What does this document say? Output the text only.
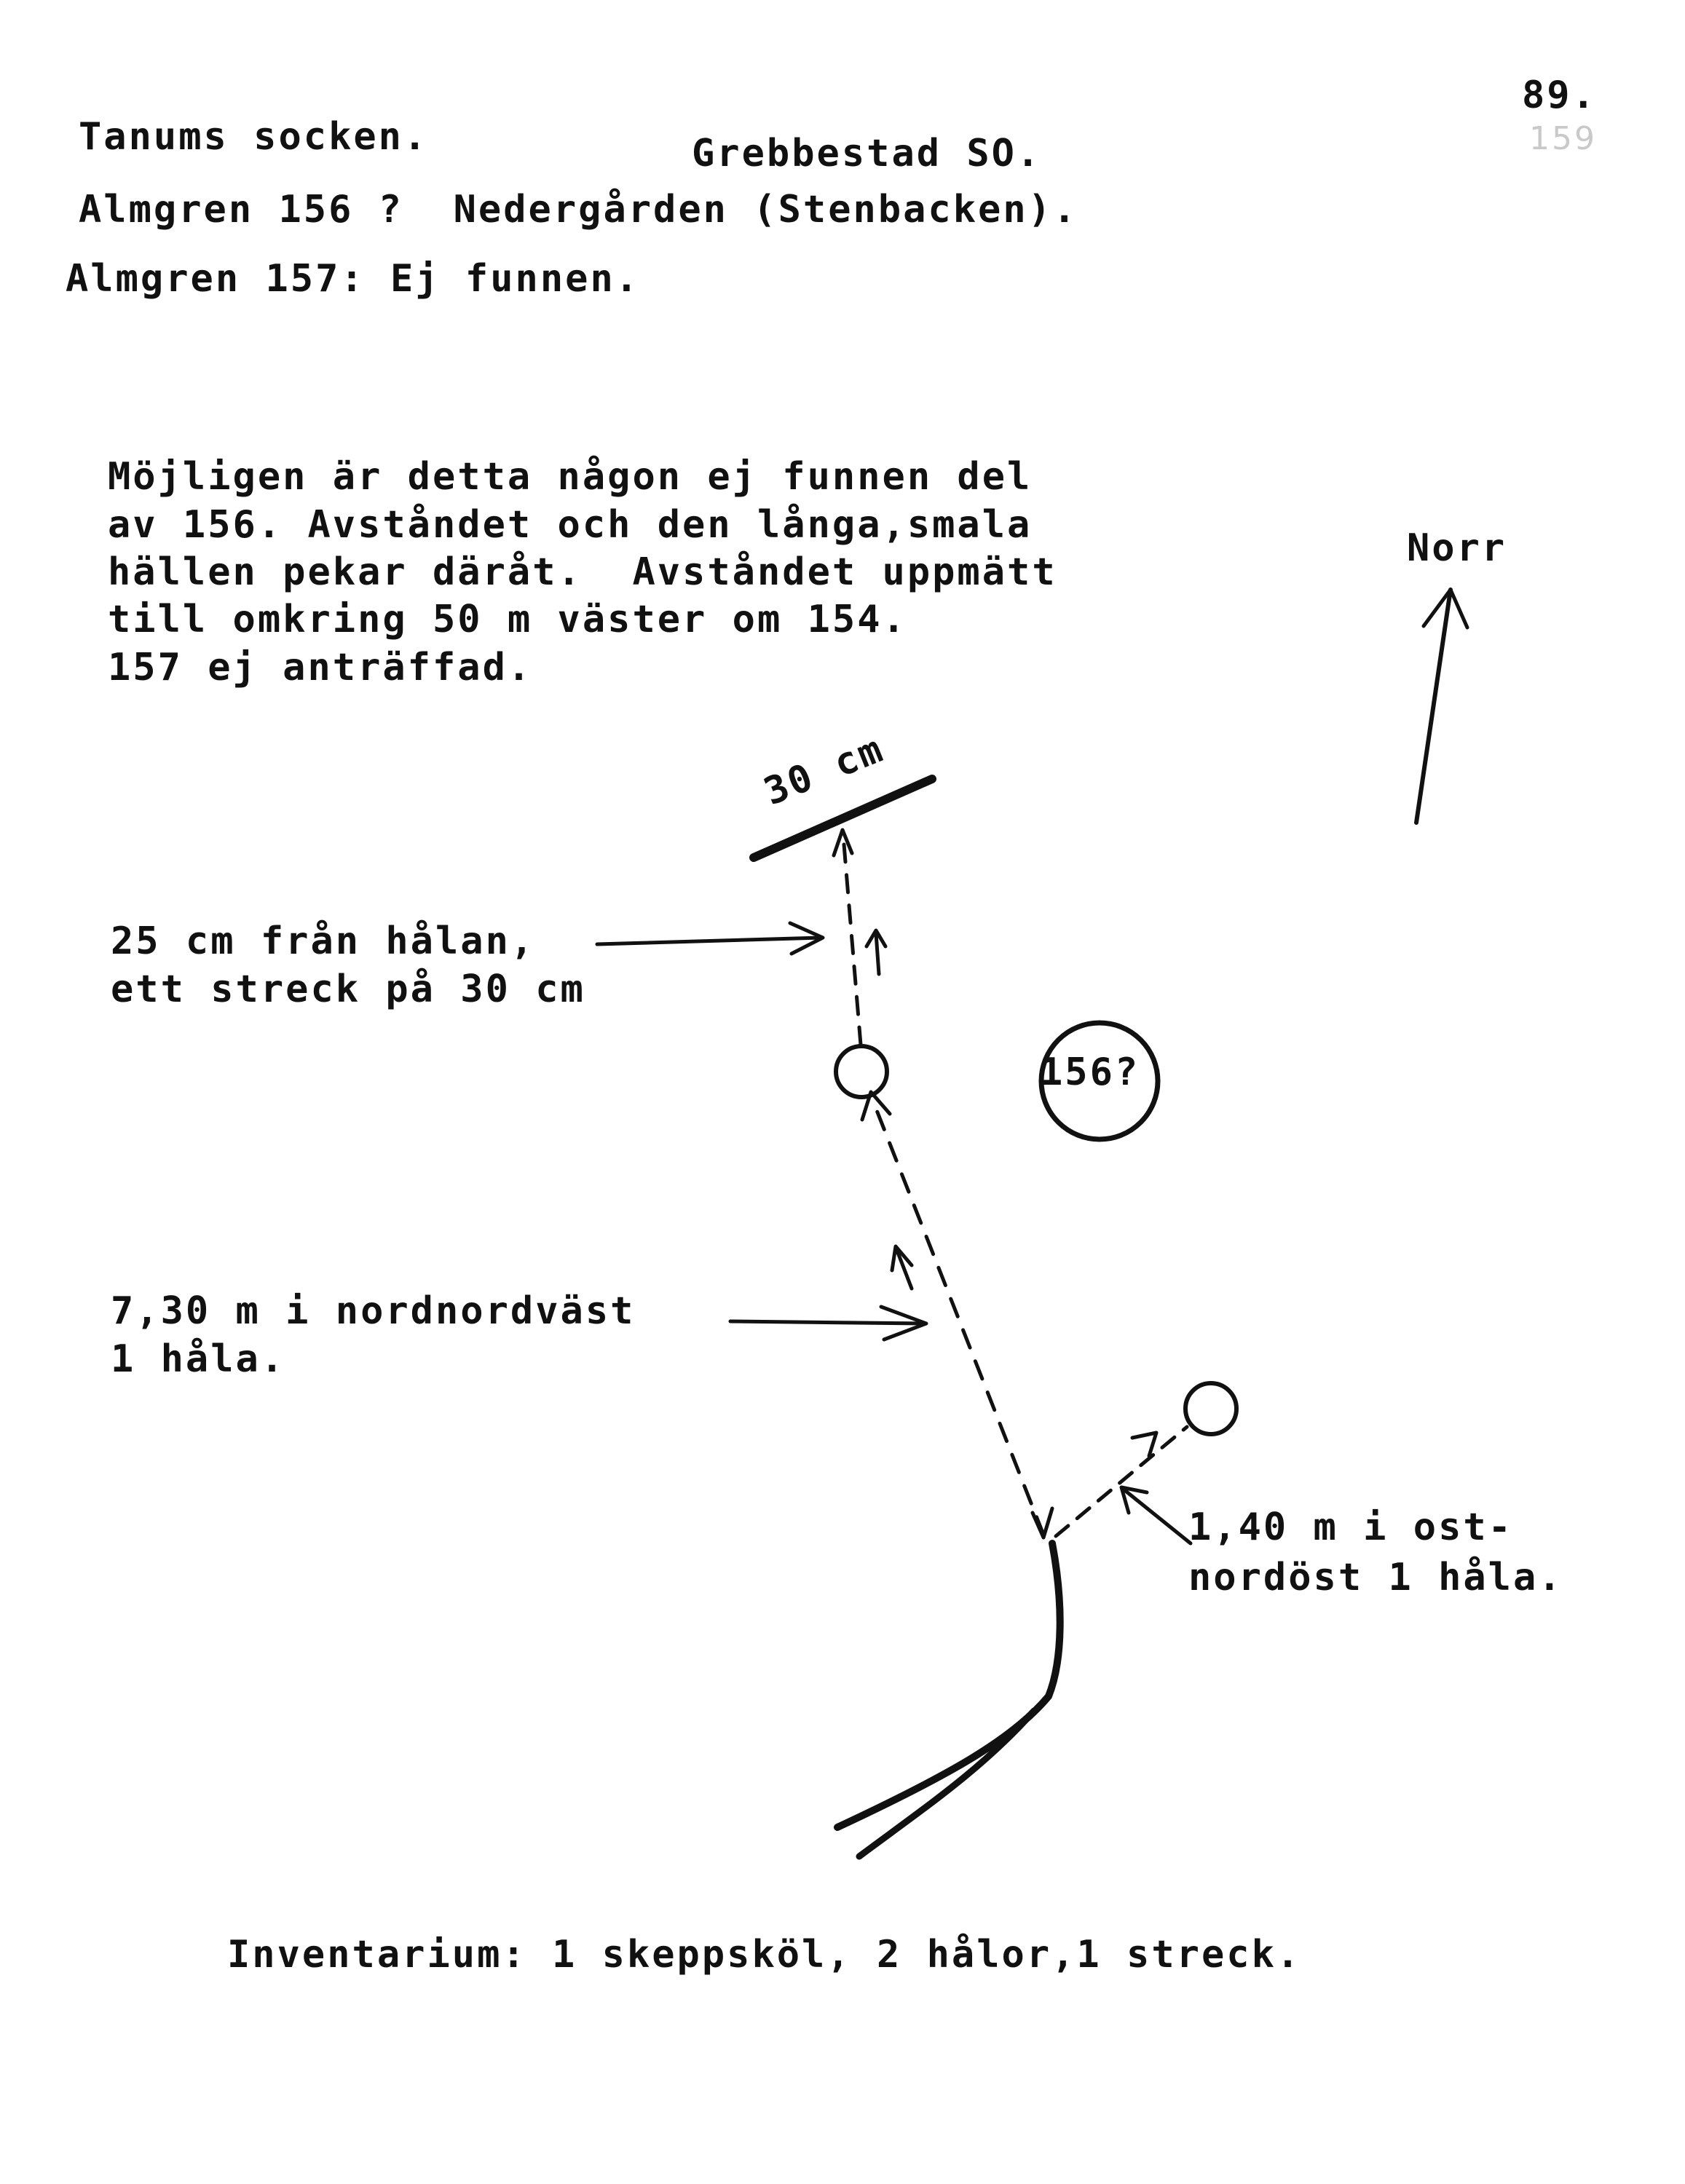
89.
159
Tanums socken.	Grebbestad SO.
Almgren 156 ?  Nedergården (Stenbacken).
Almgren 157: Ej funnen.
Möjligen är detta någon ej funnen del
av 156. Avståndet och den långa,smala
hällen pekar däråt.  Avståndet uppmätt
till omkring 50 m väster om 154.
157 ej anträffad.
Norr
30 cm
156?
25 cm från hålan,
ett streck på 30 cm
7,30 m i nordnordväst
1 håla.
1,40 m i ost-
nordöst 1 håla.
Inventarium: 1 skeppsköl, 2 hålor,1 streck.
